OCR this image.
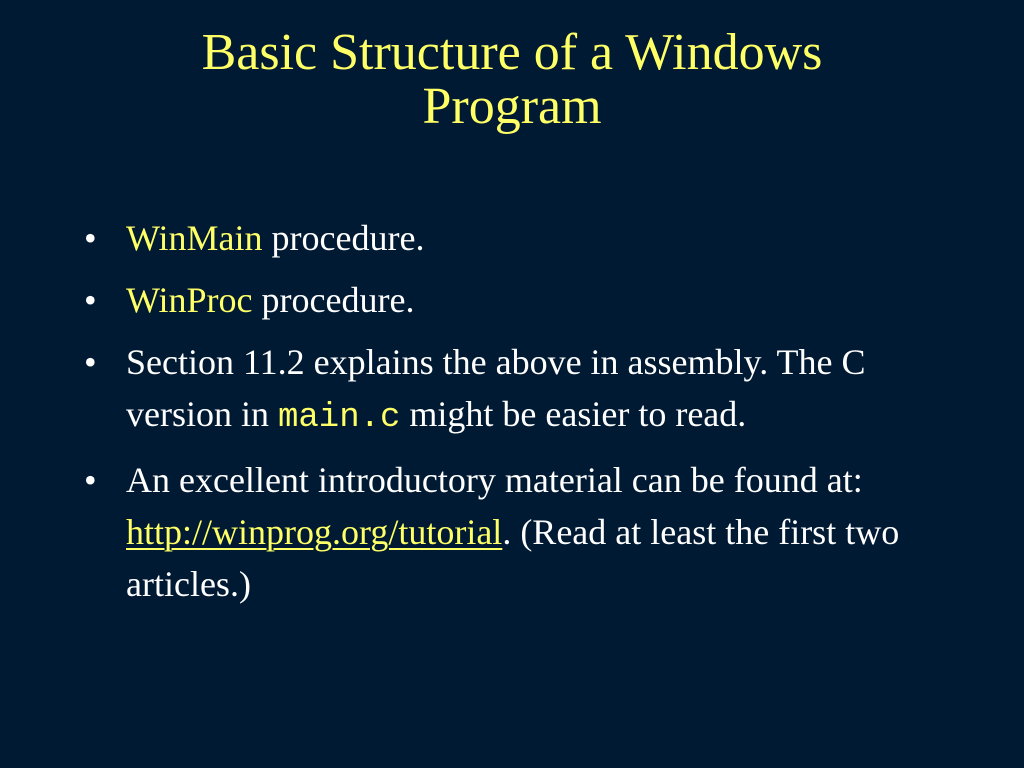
Basic Structure of a Windows
Program
• WinMain procedure.
• WinProc procedure.
• Section 11.2 explains the above in assembly. The C version in main.c might be easier to read.
• An excellent introductory material can be found at: http://winprog.org/tutorial. (Read at least the first two articles.)
